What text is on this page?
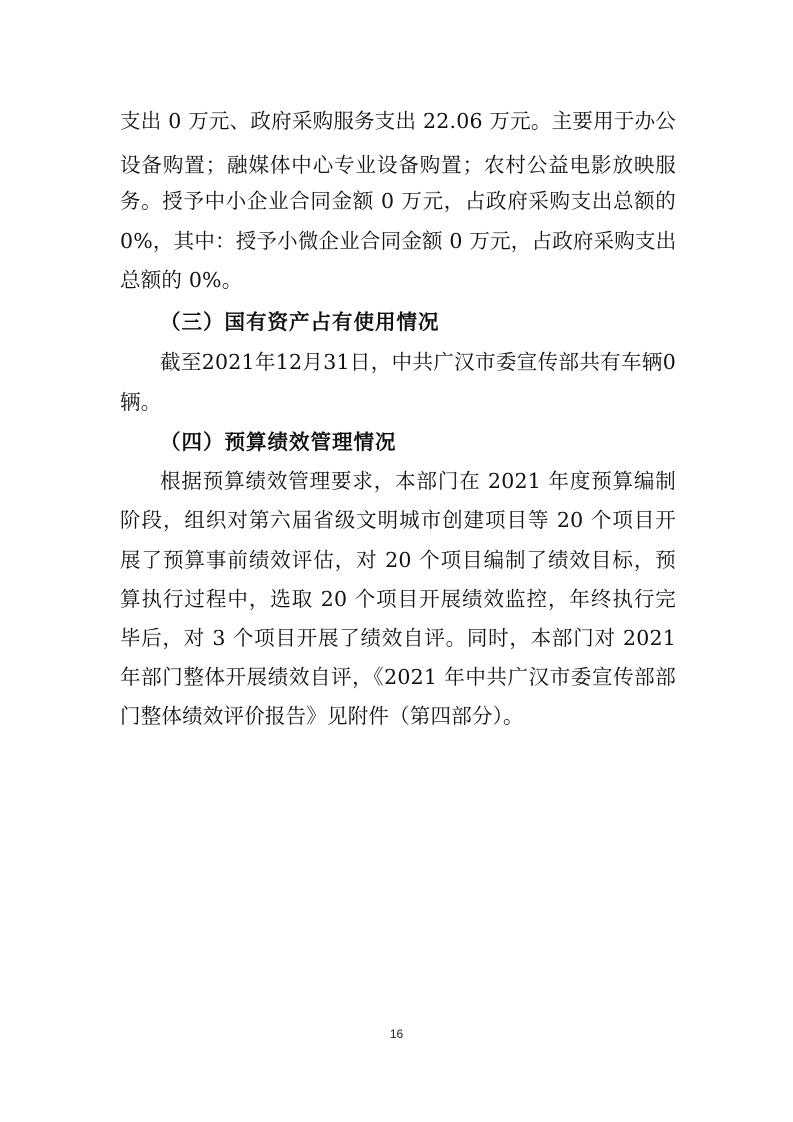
支出 0 万元、政府采购服务支出 22.06 万元。主要用于办公
设备购置；融媒体中心专业设备购置；农村公益电影放映服
务。授予中小企业合同金额 0 万元，占政府采购支出总额的
0%，其中：授予小微企业合同金额 0 万元，占政府采购支出
总额的 0%。
（三）国有资产占有使用情况
截至2021年12月31日，中共广汉市委宣传部共有车辆0
辆。
（四）预算绩效管理情况
根据预算绩效管理要求，本部门在 2021 年度预算编制
阶段，组织对第六届省级文明城市创建项目等 20 个项目开
展了预算事前绩效评估，对 20 个项目编制了绩效目标，预
算执行过程中，选取 20 个项目开展绩效监控，年终执行完
毕后，对 3 个项目开展了绩效自评。同时，本部门对 2021
年部门整体开展绩效自评，《2021 年中共广汉市委宣传部部
门整体绩效评价报告》见附件（第四部分）。
16
